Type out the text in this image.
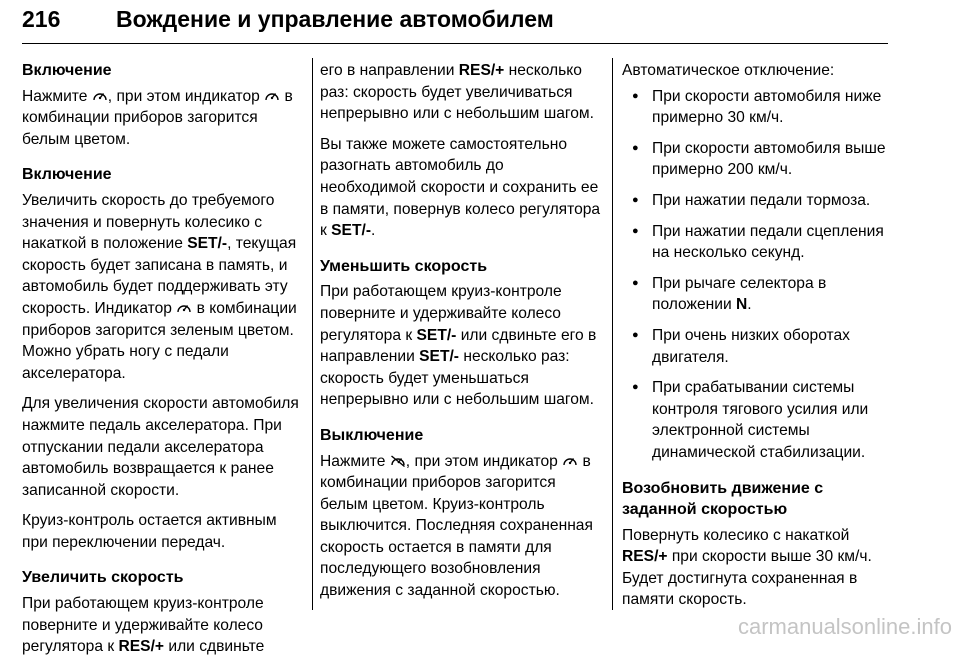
216 Вождение и управление автомобилем
Включение

Нажмите , при этом индикатор  в комбинации приборов загорится белым цветом.

Включение

Увеличить скорость до требуемого значения и повернуть колесико с накаткой в положение SET/-, текущая скорость будет записана в память, и автомобиль будет поддерживать эту скорость. Индикатор  в комбинации приборов загорится зеленым цветом. Можно убрать ногу с педали акселератора.

Для увеличения скорости автомобиля нажмите педаль акселератора. При отпускании педали акселератора автомобиль возвращается к ранее записанной скорости.

Круиз-контроль остается активным при переключении передач.

Увеличить скорость

При работающем круиз-контроле поверните и удерживайте колесо регулятора к RES/+ или сдвиньте

его в направлении RES/+ несколько раз: скорость будет увеличиваться непрерывно или с небольшим шагом.

Вы также можете самостоятельно разогнать автомобиль до необходимой скорости и сохранить ее в памяти, повернув колесо регулятора к SET/-.

Уменьшить скорость

При работающем круиз-контроле поверните и удерживайте колесо регулятора к SET/- или сдвиньте его в направлении SET/- несколько раз: скорость будет уменьшаться непрерывно или с небольшим шагом.

Выключение

Нажмите , при этом индикатор  в комбинации приборов загорится белым цветом. Круиз-контроль выключится. Последняя сохраненная скорость остается в памяти для последующего возобновления движения с заданной скоростью.

Автоматическое отключение:

● При скорости автомобиля ниже примерно 30 км/ч.
● При скорости автомобиля выше примерно 200 км/ч.
● При нажатии педали тормоза.
● При нажатии педали сцепления на несколько секунд.
● При рычаге селектора в положении N.
● При очень низких оборотах двигателя.
● При срабатывании системы контроля тягового усилия или электронной системы динамической стабилизации.
Возобновить движение с заданной скоростью

Повернуть колесико с накаткой RES/+ при скорости выше 30 км/ч. Будет достигнута сохраненная в памяти скорость.

carmanualsonline.info
